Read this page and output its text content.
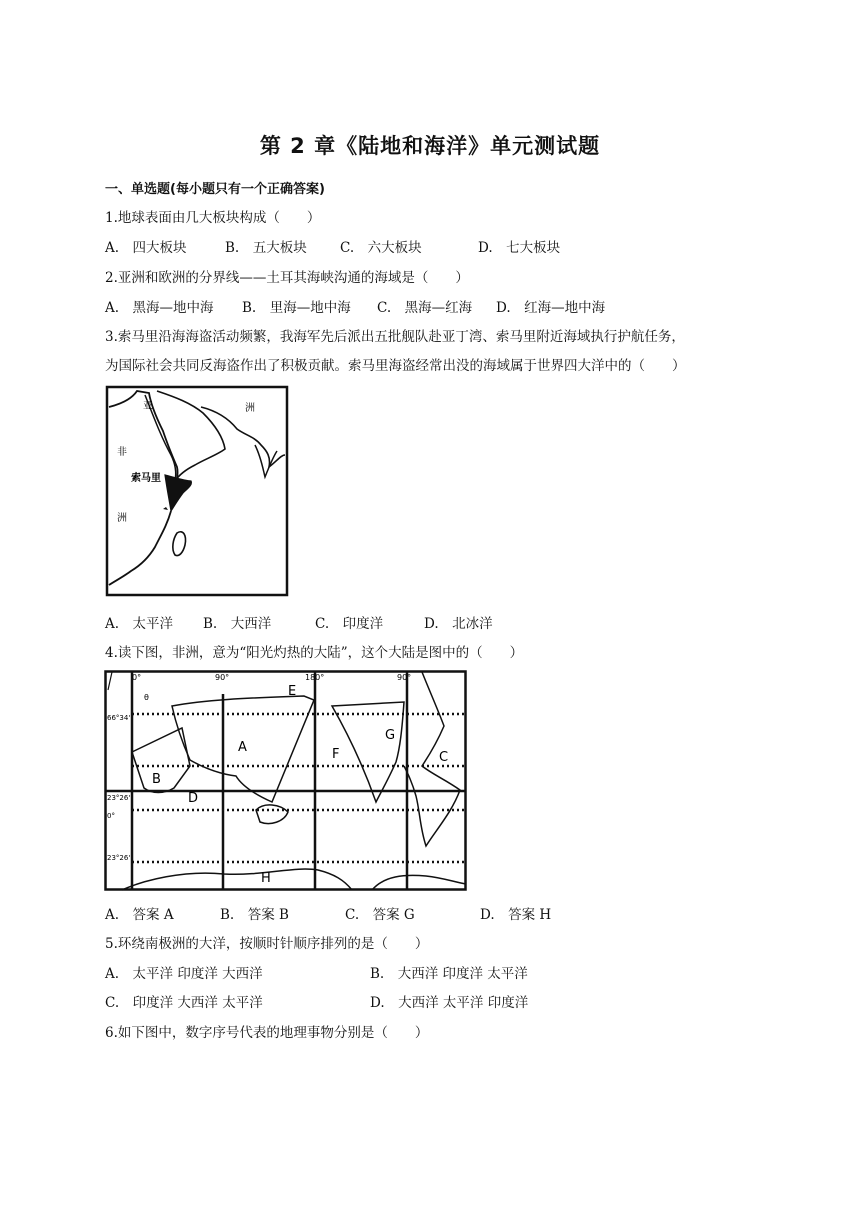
第 2 章《陆地和海洋》单元测试题
一、单选题(每小题只有一个正确答案)
1.地球表面由几大板块构成（　　）
A.　四大板块	B.　五大板块 C.　六大板块	D.　七大板块
2.亚洲和欧洲的分界线——土耳其海峡沟通的海域是（　　）
A.　黑海—地中海 B.　里海—地中海 C.　黑海—红海 D.　红海—地中海
3.索马里沿海海盗活动频繁，我海军先后派出五批舰队赴亚丁湾、索马里附近海域执行护航任务，
为国际社会共同反海盗作出了积极贡献。索马里海盗经常出没的海域属于世界四大洋中的（　　）
亚	洲
非
洲
索马里
A.　太平洋 B.　大西洋	C.　印度洋	D.　北冰洋
4.读下图，非洲，意为“阳光灼热的大陆”，这个大陆是图中的（　　）
0°	90°	180°	90°
θ
66°34'
23°26'
0°
23°26'
A
B
C
D
E
F
G
H
A.　答案 A	B.　答案 B	C.　答案 G	D.　答案 H
5.环绕南极洲的大洋，按顺时针顺序排列的是（　　）
A.　太平洋 印度洋 大西洋	B.　大西洋 印度洋 太平洋
C.　印度洋 大西洋 太平洋	D.　大西洋 太平洋 印度洋
6.如下图中，数字序号代表的地理事物分别是（　　）
